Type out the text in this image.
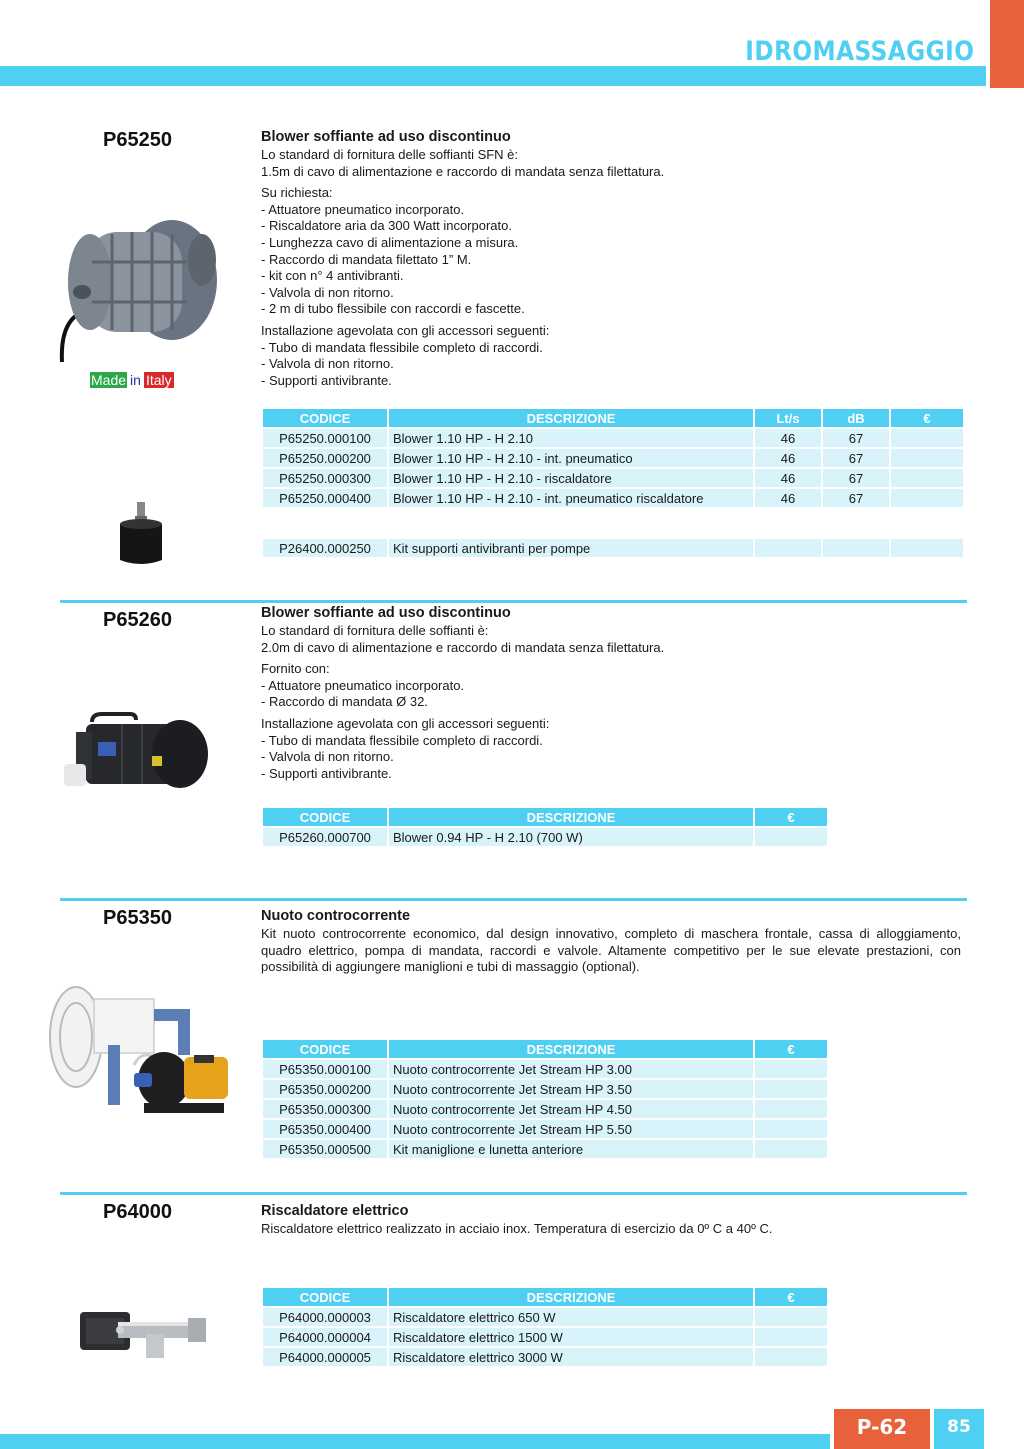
IDROMASSAGGIO
P65250
Made in Italy
Blower soffiante ad uso discontinuo

Lo standard di fornitura delle soffianti SFN è:
1.5m di cavo di alimentazione e raccordo di mandata senza filettatura.

Su richiesta:
- Attuatore pneumatico incorporato.
- Riscaldatore aria da 300 Watt incorporato.
- Lunghezza cavo di alimentazione a misura.
- Raccordo di mandata filettato 1” M.
- kit con n° 4 antivibranti.
- Valvola di non ritorno.
- 2 m di tubo flessibile con raccordi e fascette.

Installazione agevolata con gli accessori seguenti:
- Tubo di mandata flessibile completo di raccordi.
- Valvola di non ritorno.
- Supporti antivibrante.

CODICE	DESCRIZIONE	Lt/s	dB	€
P65250.000100	Blower 1.10 HP - H 2.10	46	67	
P65250.000200	Blower 1.10 HP - H 2.10 - int. pneumatico	46	67	
P65250.000300	Blower 1.10 HP - H 2.10 - riscaldatore	46	67	
P65250.000400	Blower 1.10 HP - H 2.10 - int. pneumatico riscaldatore	46	67	
P26400.000250	Kit supporti antivibranti per pompe			
P65260	Blower soffiante ad uso discontinuo

Lo standard di fornitura delle soffianti è:
2.0m di cavo di alimentazione e raccordo di mandata senza filettatura.

Fornito con:
- Attuatore pneumatico incorporato.
- Raccordo di mandata Ø 32.

Installazione agevolata con gli accessori seguenti:
- Tubo di mandata flessibile completo di raccordi.
- Valvola di non ritorno.
- Supporti antivibrante.

CODICE	DESCRIZIONE	€
P65260.000700	Blower 0.94 HP - H 2.10 (700 W)	
P65350	Nuoto controcorrente

Kit nuoto controcorrente economico, dal design innovativo, completo di maschera frontale, cassa di alloggiamento, quadro elettrico, pompa di mandata, raccordi e valvole. Altamente competitivo per le sue elevate prestazioni, con possibilità di aggiungere maniglioni e tubi di massaggio (optional).

CODICE	DESCRIZIONE	€
P65350.000100	Nuoto controcorrente Jet Stream HP 3.00	
P65350.000200	Nuoto controcorrente Jet Stream HP 3.50	
P65350.000300	Nuoto controcorrente Jet Stream HP 4.50	
P65350.000400	Nuoto controcorrente Jet Stream HP 5.50	
P65350.000500	Kit maniglione e lunetta anteriore	
P64000	Riscaldatore elettrico

Riscaldatore elettrico realizzato in acciaio inox. Temperatura di esercizio da 0º C a 40º C.

CODICE	DESCRIZIONE	€
P64000.000003	Riscaldatore elettrico 650 W	
P64000.000004	Riscaldatore elettrico 1500 W	
P64000.000005	Riscaldatore elettrico 3000 W	
P-62	85
